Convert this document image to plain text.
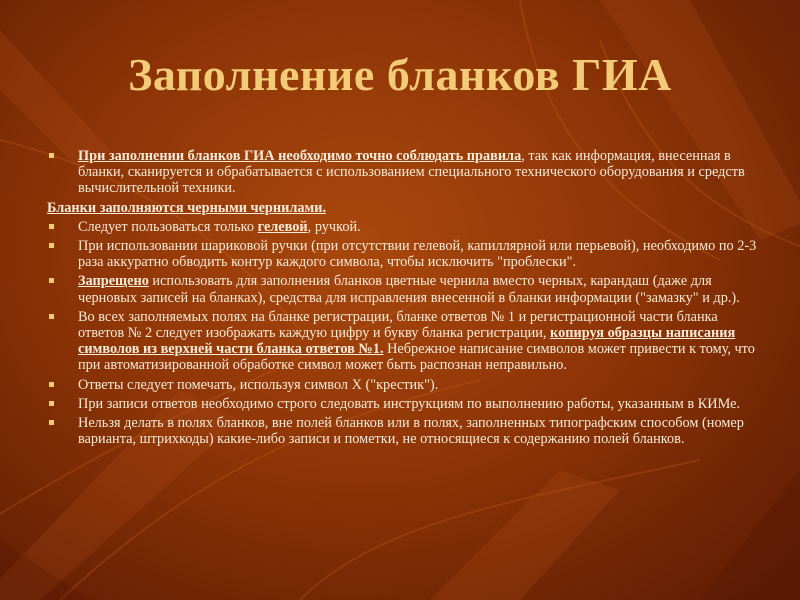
Заполнение бланков ГИА
При заполнении бланков ГИА необходимо точно соблюдать правила, так как информация, внесенная в бланки, сканируется и обрабатывается с использованием специального технического оборудования и средств вычислительной техники.
Бланки заполняются черными чернилами.
Следует пользоваться только гелевой, ручкой.
При использовании шариковой ручки (при отсутствии гелевой, капиллярной или перьевой), необходимо по 2-3 раза аккуратно обводить контур каждого символа, чтобы исключить "проблески".
Запрещено использовать для заполнения бланков цветные чернила вместо черных, карандаш (даже для черновых записей на бланках), средства для исправления внесенной в бланки информации ("замазку" и др.).
Во всех заполняемых полях на бланке регистрации, бланке ответов № 1 и регистрационной части бланка ответов № 2 следует изображать каждую цифру и букву бланка регистрации, копируя образцы написания символов из верхней части бланка ответов №1. Небрежное написание символов может привести к тому, что при автоматизированной обработке символ может быть распознан неправильно.
Ответы следует помечать, используя символ Х ("крестик").
При записи ответов необходимо строго следовать инструкциям по выполнению работы, указанным в КИМе.
Нельзя делать в полях бланков, вне полей бланков или в полях, заполненных типографским способом (номер варианта, штрихкоды) какие-либо записи и пометки, не относящиеся к содержанию полей бланков.
